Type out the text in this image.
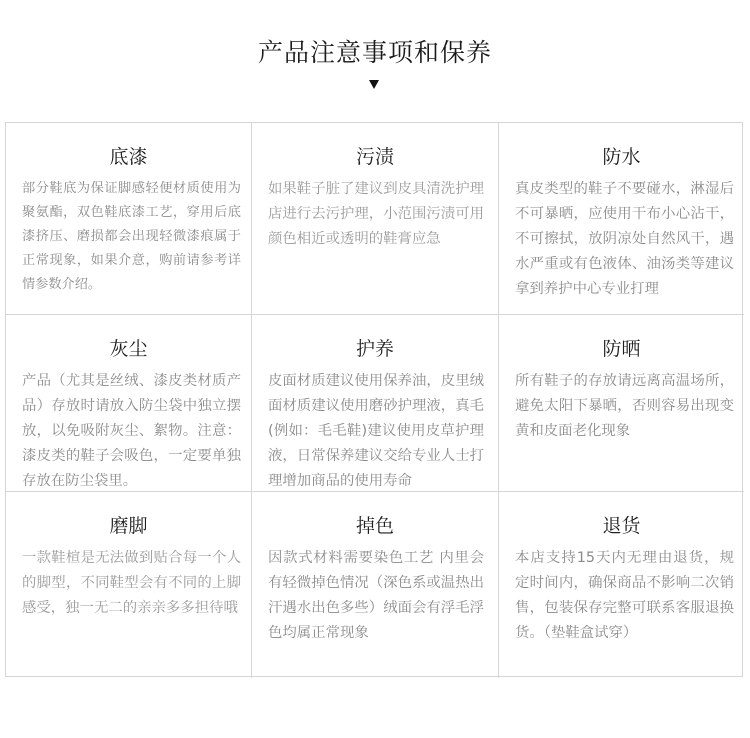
产品注意事项和保养
底漆
部分鞋底为保证脚感轻便材质使用为聚氨酯，双色鞋底漆工艺，穿用后底漆挤压、磨损都会出现轻微漆痕属于正常现象，如果介意，购前请参考详情参数介绍。
污渍
如果鞋子脏了建议到皮具清洗护理店进行去污护理，小范围污渍可用颜色相近或透明的鞋膏应急
防水
真皮类型的鞋子不要碰水，淋湿后不可暴晒，应使用干布小心沾干，不可擦拭，放阴凉处自然风干，遇水严重或有色液体、油汤类等建议拿到养护中心专业打理
灰尘
产品（尤其是丝绒、漆皮类材质产品）存放时请放入防尘袋中独立摆放，以免吸附灰尘、絮物。注意：漆皮类的鞋子会吸色，一定要单独存放在防尘袋里。
护养
皮面材质建议使用保养油，皮里绒面材质建议使用磨砂护理液，真毛(例如：毛毛鞋)建议使用皮草护理液，日常保养建议交给专业人士打理增加商品的使用寿命
防晒
所有鞋子的存放请远离高温场所，避免太阳下暴晒，否则容易出现变黄和皮面老化现象
磨脚
一款鞋楦是无法做到贴合每一个人的脚型，不同鞋型会有不同的上脚感受，独一无二的亲亲多多担待哦
掉色
因款式材料需要染色工艺 内里会有轻微掉色情况（深色系或温热出汗遇水出色多些）绒面会有浮毛浮色均属正常现象
退货
本店支持15天内无理由退货，规定时间内，确保商品不影响二次销售，包装保存完整可联系客服退换货。（垫鞋盒试穿）
